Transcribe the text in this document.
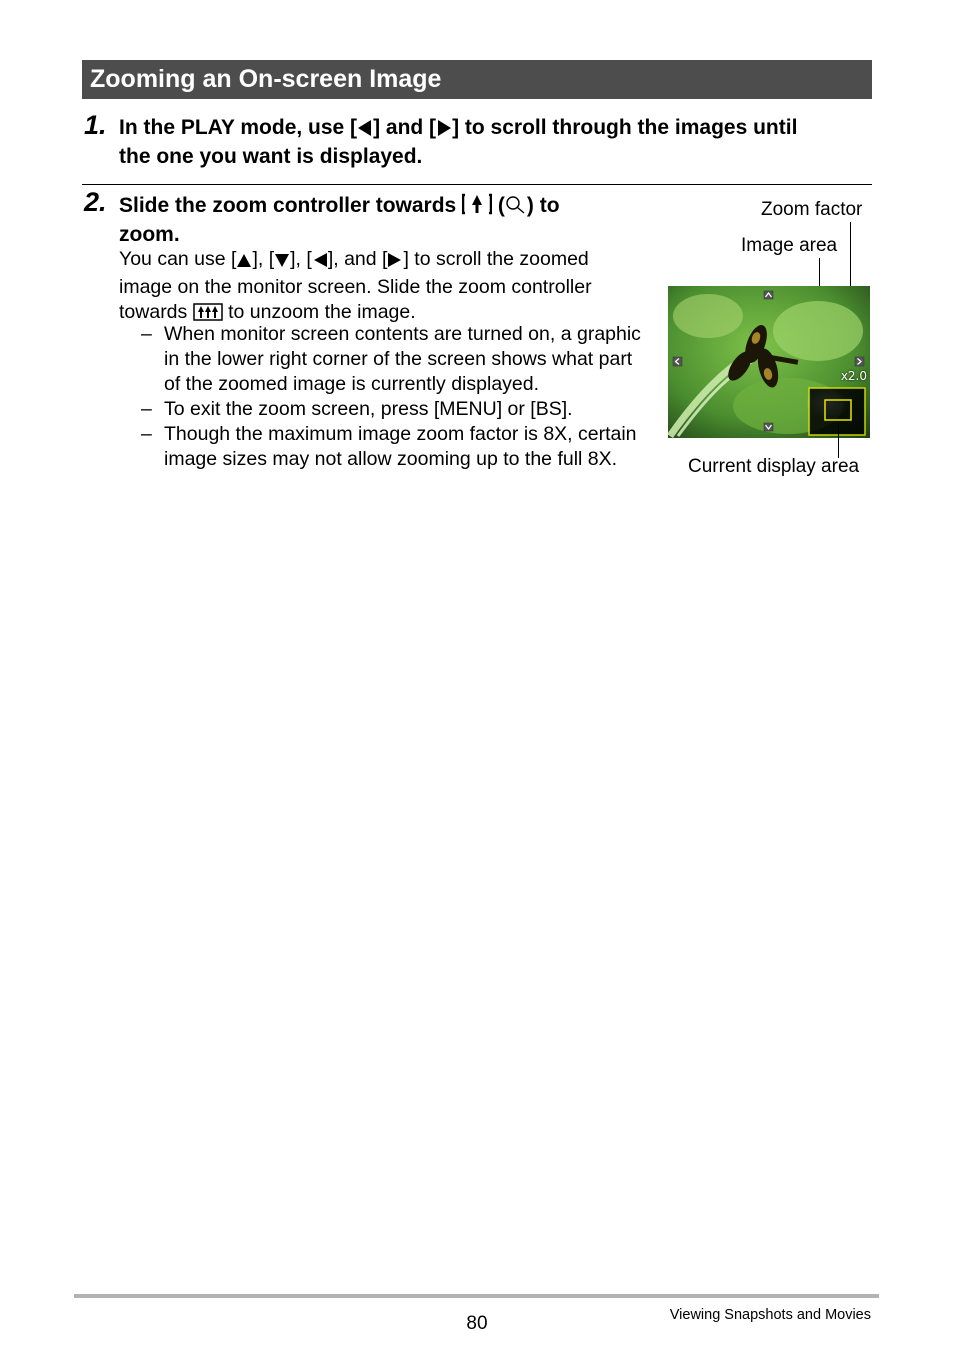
Zooming an On-screen Image
1. In the PLAY mode, use [ ] and [ ] to scroll through the images until
the one you want is displayed.
2. Slide the zoom controller towards ( ) to
zoom.
You can use [ ], [ ], [ ], and [ ] to scroll the zoomed
image on the monitor screen. Slide the zoom controller
towards to unzoom the image.
– When monitor screen contents are turned on, a graphic in the lower right corner of the screen shows what part of the zoomed image is currently displayed.
– To exit the zoom screen, press [MENU] or [BS].
– Though the maximum image zoom factor is 8X, certain image sizes may not allow zooming up to the full 8X.
Zoom factor
Image area
x2.0
Current display area
80	Viewing Snapshots and Movies
